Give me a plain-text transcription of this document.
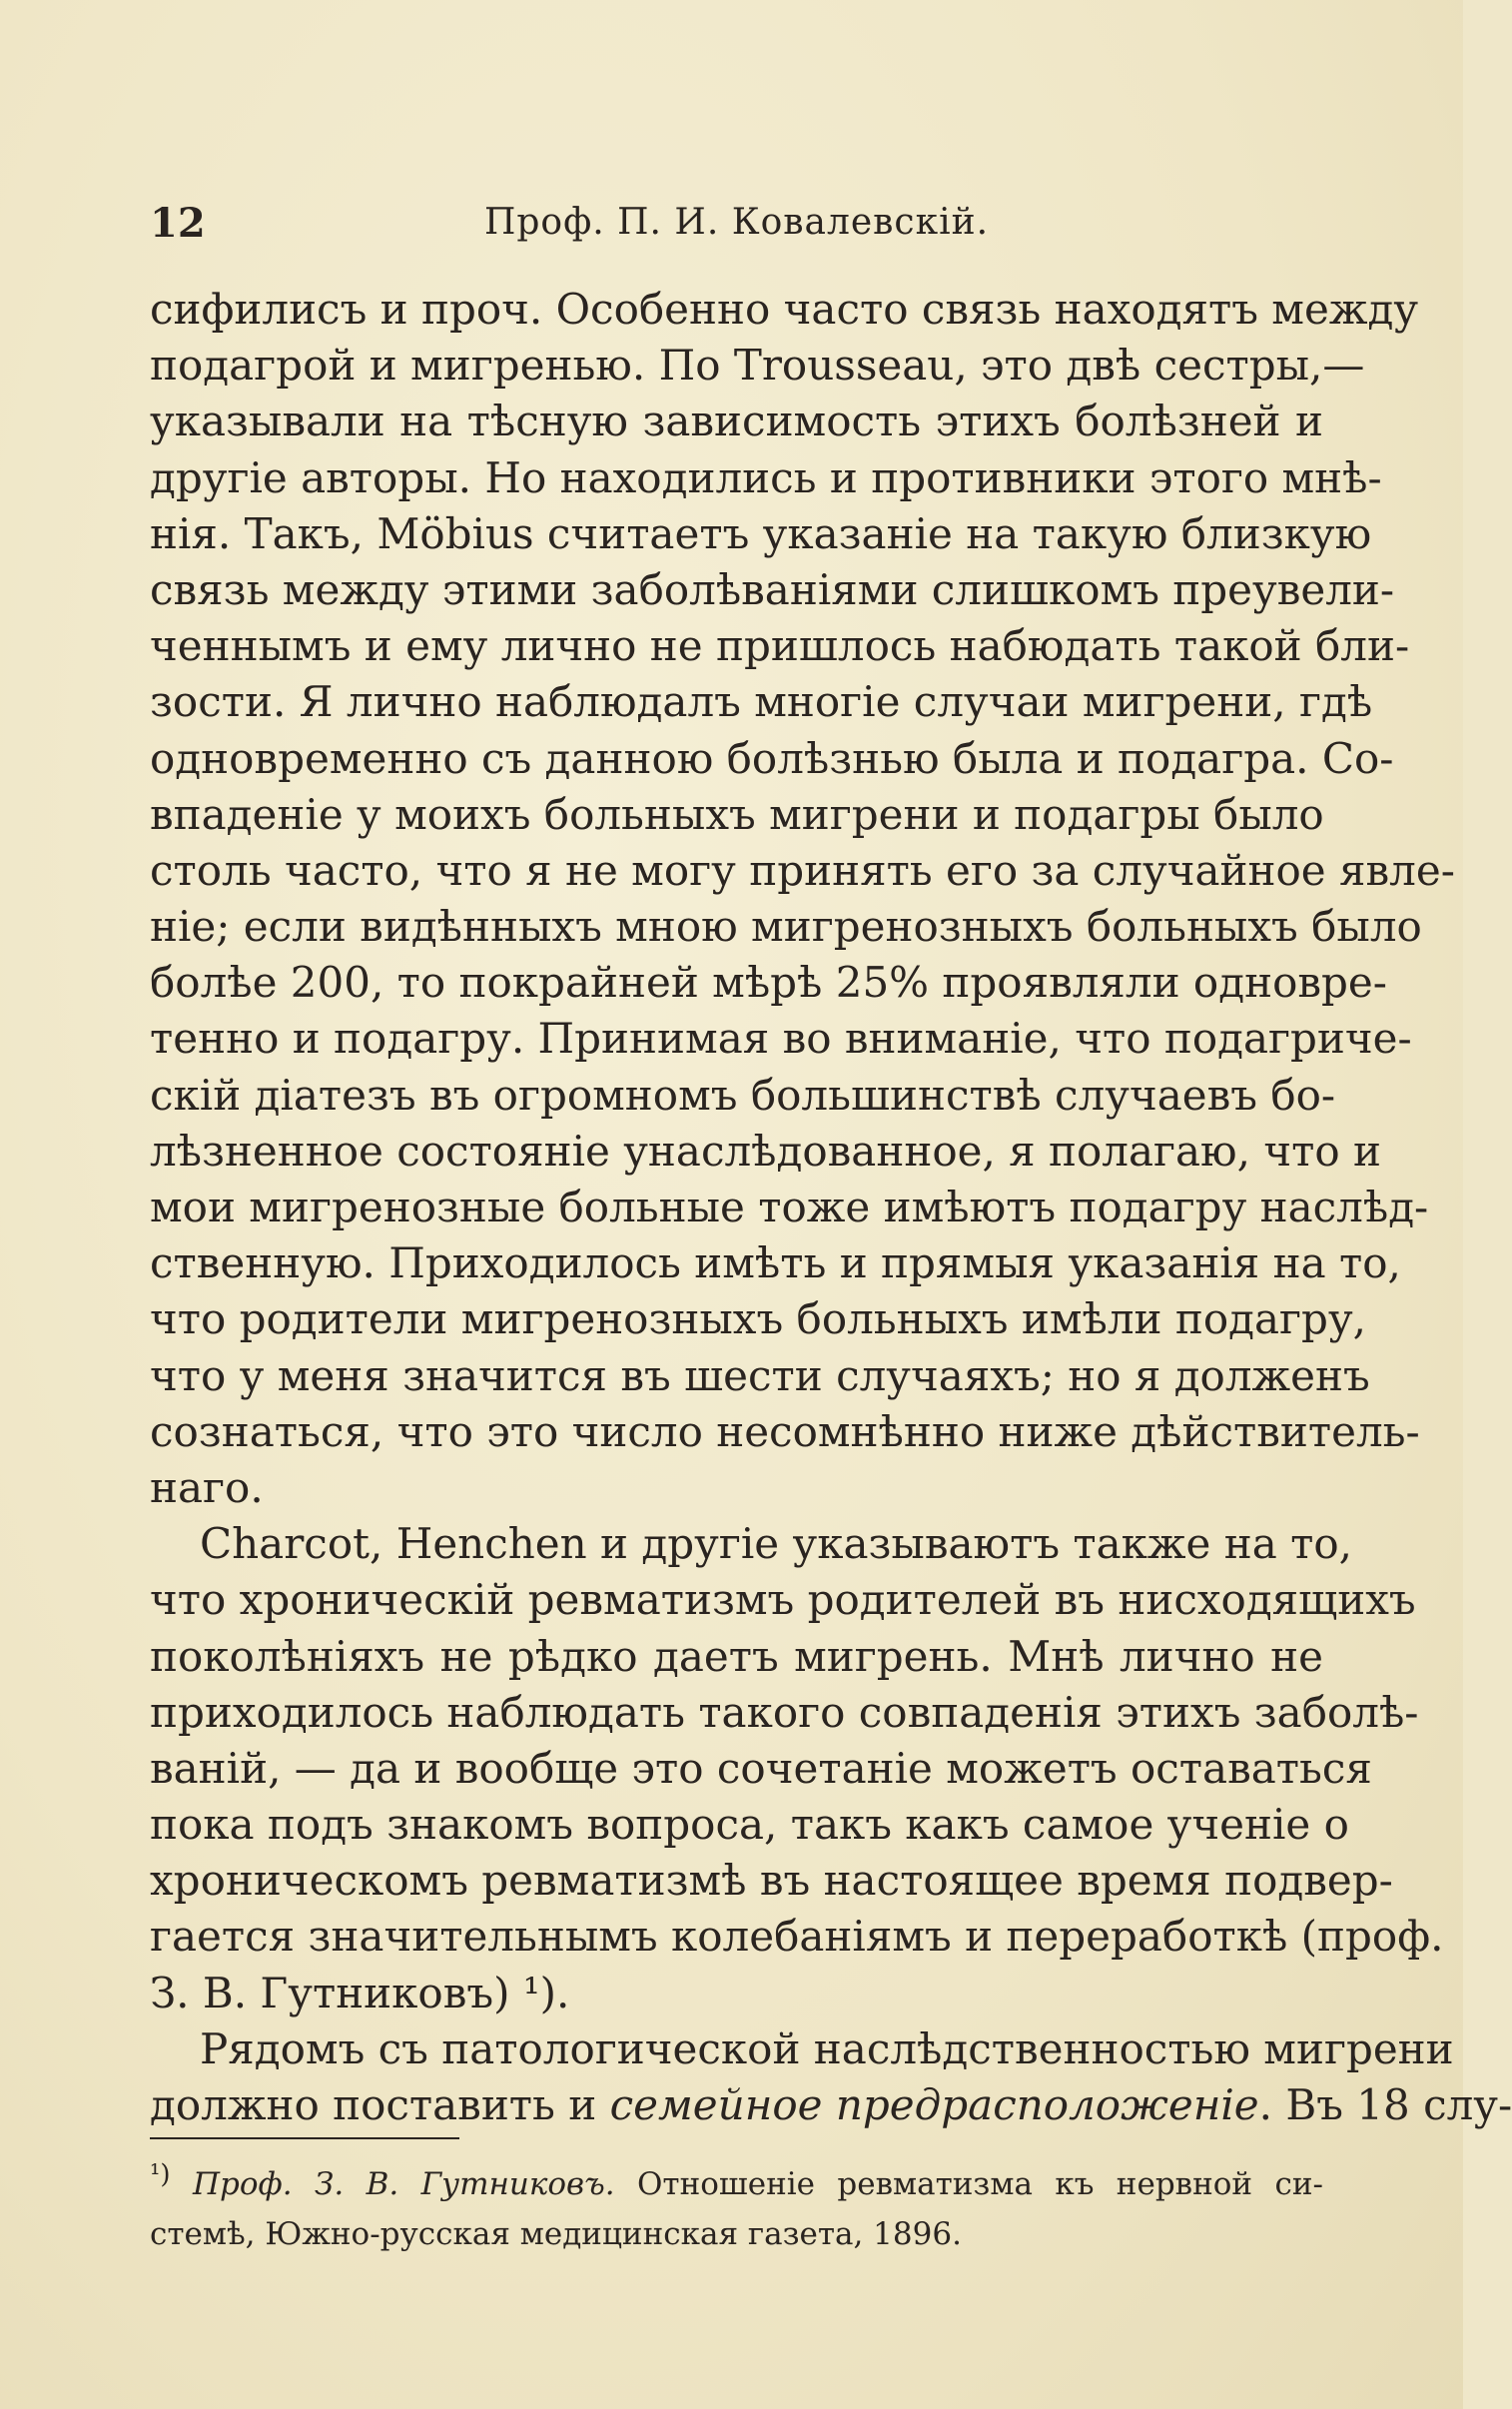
12	Проф. П. И. Ковалевскій.
сифилисъ и проч. Особенно часто связь находятъ между
подагрой и мигренью. По Trousseau, это двѣ сестры,—
указывали на тѣсную зависимость этихъ болѣзней и
другіе авторы. Но находились и противники этого мнѣ-
нія. Такъ, Möbius считаетъ указаніе на такую близкую
связь между этими заболѣваніями слишкомъ преувели-
ченнымъ и ему лично не пришлось набюдать такой бли-
зости. Я лично наблюдалъ многіе случаи мигрени, гдѣ
одновременно съ данною болѣзнью была и подагра. Со-
впаденіе у моихъ больныхъ мигрени и подагры было
столь часто, что я не могу принять его за случайное явле-
ніе; если видѣнныхъ мною мигренозныхъ больныхъ было
болѣе 200, то покрайней мѣрѣ 25% проявляли одновре-
тенно и подагру. Принимая во вниманіе, что подагриче-
скій діатезъ въ огромномъ большинствѣ случаевъ бо-
лѣзненное состояніе унаслѣдованное, я полагаю, что и
мои мигренозные больные тоже имѣютъ подагру наслѣд-
ственную. Приходилось имѣть и прямыя указанія на то,
что родители мигренозныхъ больныхъ имѣли подагру,
что у меня значится въ шести случаяхъ; но я долженъ
сознаться, что это число несомнѣнно ниже дѣйствитель-
наго.
Charcot, Henchen и другіе указываютъ также на то,
что хроническій ревматизмъ родителей въ нисходящихъ
поколѣніяхъ не рѣдко даетъ мигрень. Мнѣ лично не
приходилось наблюдать такого совпаденія этихъ заболѣ-
ваній, — да и вообще это сочетаніе можетъ оставаться
пока подъ знакомъ вопроса, такъ какъ самое ученіе о
хроническомъ ревматизмѣ въ настоящее время подвер-
гается значительнымъ колебаніямъ и переработкѣ (проф.
З. В. Гутниковъ) ¹).
Рядомъ съ патологической наслѣдственностью мигрени
должно поставить и семейное предрасположеніе. Въ 18 слу-
$^{^1)}$ Проф. З. В. Гутниковъ. Отношеніе ревматизма къ нервной си-
стемѣ, Южно-русская медицинская газета, 1896.
